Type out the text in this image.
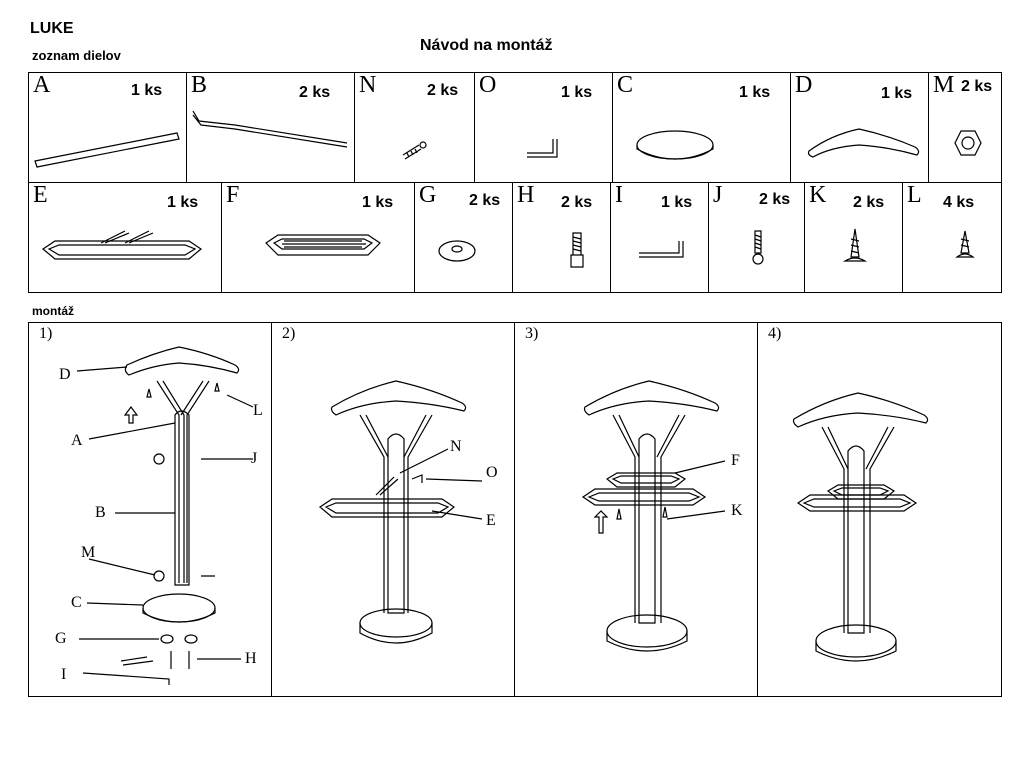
LUKE
zoznam dielov
Návod na montáž
montáž
A	1 ks B	2 ks N	2 ks O	1 ks C	1 ks D	1 ks M 2 ks
E	1 ks F	1 ks G 2 ks H 2 ks I 1 ks J 2 ks K 2 ks L 4 ks
1)
D
L
A
J
B
M
C
G
H
I
2)
N
O
E
3)
F
K
4)
